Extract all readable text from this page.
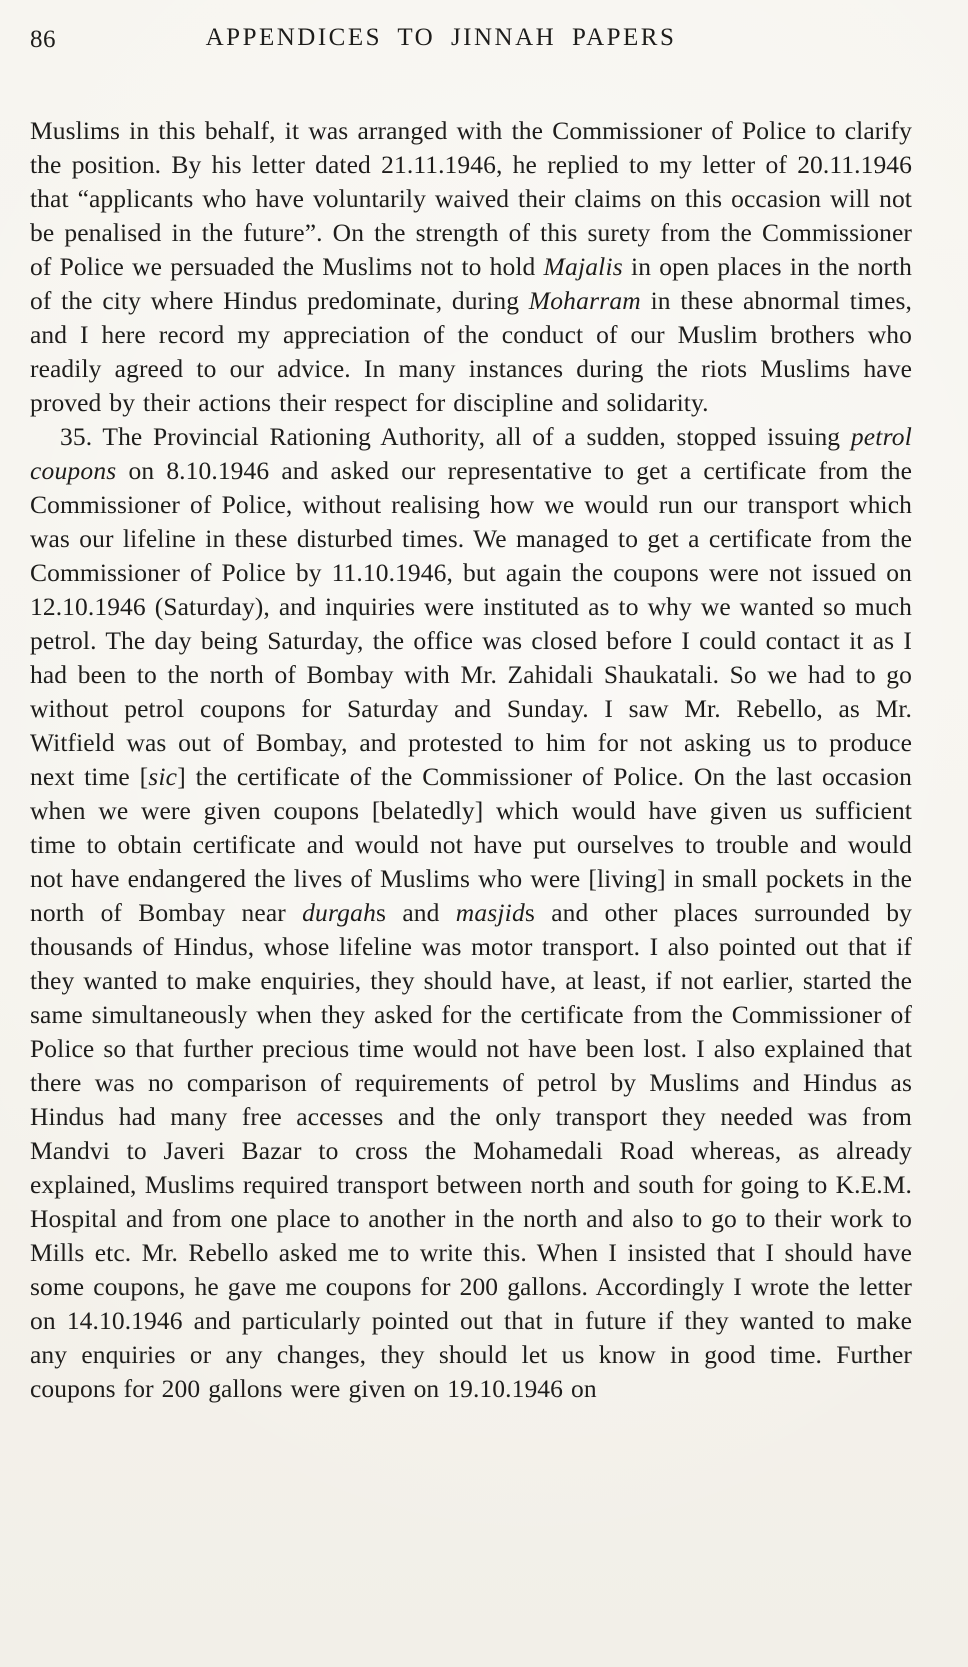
86	APPENDICES TO JINNAH PAPERS

Muslims in this behalf, it was arranged with the Commissioner of Police to clarify the position. By his letter dated 21.11.1946, he replied to my letter of 20.11.1946 that “applicants who have voluntarily waived their claims on this occasion will not be penalised in the future”. On the strength of this surety from the Commissioner of Police we persuaded the Muslims not to hold Majalis in open places in the north of the city where Hindus predominate, during Moharram in these abnormal times, and I here record my appreciation of the conduct of our Muslim brothers who readily agreed to our advice. In many instances during the riots Muslims have proved by their actions their respect for discipline and solidarity.

35. The Provincial Rationing Authority, all of a sudden, stopped issuing petrol coupons on 8.10.1946 and asked our representative to get a certificate from the Commissioner of Police, without realising how we would run our transport which was our lifeline in these disturbed times. We managed to get a certificate from the Commissioner of Police by 11.10.1946, but again the coupons were not issued on 12.10.1946 (Saturday), and inquiries were instituted as to why we wanted so much petrol. The day being Saturday, the office was closed before I could contact it as I had been to the north of Bombay with Mr. Zahidali Shaukatali. So we had to go without petrol coupons for Saturday and Sunday. I saw Mr. Rebello, as Mr. Witfield was out of Bombay, and protested to him for not asking us to produce next time [sic] the certificate of the Commissioner of Police. On the last occasion when we were given coupons [belatedly] which would have given us sufficient time to obtain certificate and would not have put ourselves to trouble and would not have endangered the lives of Muslims who were [living] in small pockets in the north of Bombay near durgahs and masjids and other places surrounded by thousands of Hindus, whose lifeline was motor transport. I also pointed out that if they wanted to make enquiries, they should have, at least, if not earlier, started the same simultaneously when they asked for the certificate from the Commissioner of Police so that further precious time would not have been lost. I also explained that there was no comparison of requirements of petrol by Muslims and Hindus as Hindus had many free accesses and the only transport they needed was from Mandvi to Javeri Bazar to cross the Mohamedali Road whereas, as already explained, Muslims required transport between north and south for going to K.E.M. Hospital and from one place to another in the north and also to go to their work to Mills etc. Mr. Rebello asked me to write this. When I insisted that I should have some coupons, he gave me coupons for 200 gallons. Accordingly I wrote the letter on 14.10.1946 and particularly pointed out that in future if they wanted to make any enquiries or any changes, they should let us know in good time. Further coupons for 200 gallons were given on 19.10.1946 on
